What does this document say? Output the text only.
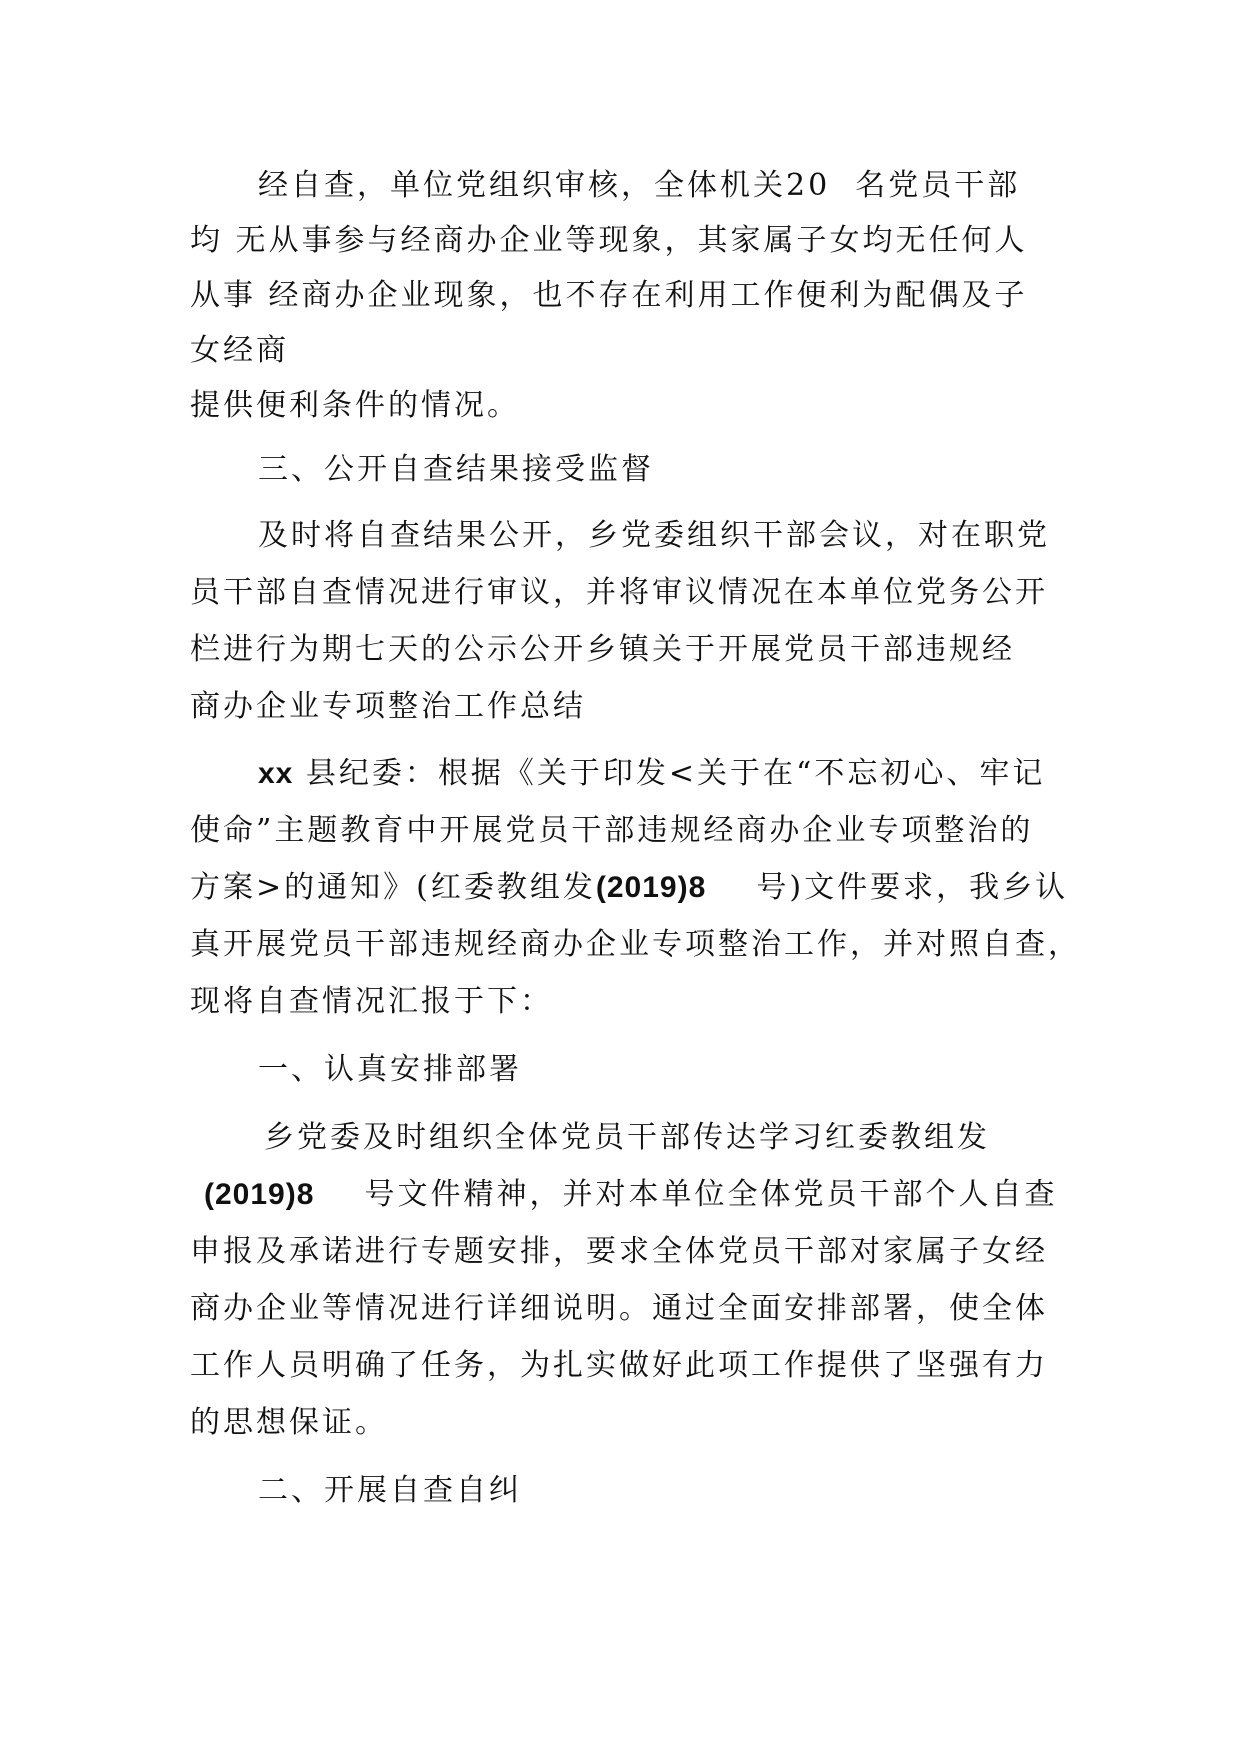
经自查，单位党组织审核，全体机关20  名党员干部
均 无从事参与经商办企业等现象，其家属子女均无任何人
从事 经商办企业现象，也不存在利用工作便利为配偶及子
女经商
提供便利条件的情况。
三、公开自查结果接受监督
及时将自查结果公开，乡党委组织干部会议，对在职党
员干部自查情况进行审议，并将审议情况在本单位党务公开
栏进行为期七天的公示公开乡镇关于开展党员干部违规经
商办企业专项整治工作总结
xx 县纪委：根据《关于印发<关于在“不忘初心、牢记
使命”主题教育中开展党员干部违规经商办企业专项整治的
方案>的通知》(红委教组发(2019)8    号)文件要求，我乡认
真开展党员干部违规经商办企业专项整治工作，并对照自查，
现将自查情况汇报于下：
一、认真安排部署
乡党委及时组织全体党员干部传达学习红委教组发
(2019)8    号文件精神，并对本单位全体党员干部个人自查
申报及承诺进行专题安排，要求全体党员干部对家属子女经
商办企业等情况进行详细说明。通过全面安排部署，使全体
工作人员明确了任务，为扎实做好此项工作提供了坚强有力
的思想保证。
二、开展自查自纠
